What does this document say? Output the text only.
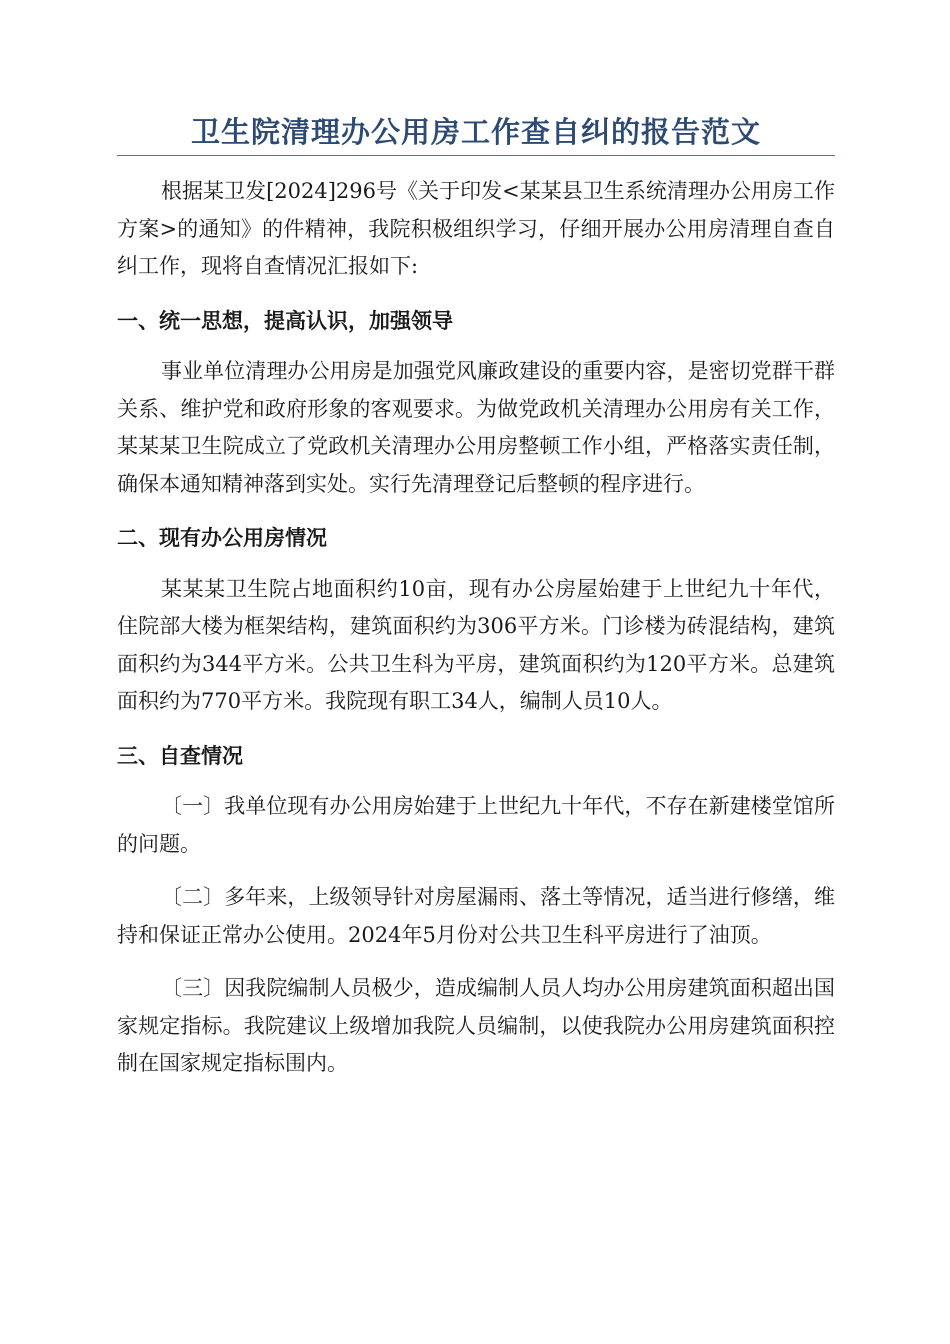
卫生院清理办公用房工作查自纠的报告范文

根据某卫发[2024]296号《关于印发<某某县卫生系统清理办公用房工作方案>的通知》的件精神，我院积极组织学习，仔细开展办公用房清理自查自纠工作，现将自查情况汇报如下:

一、统一思想，提高认识，加强领导

事业单位清理办公用房是加强党风廉政建设的重要内容，是密切党群干群关系、维护党和政府形象的客观要求。为做党政机关清理办公用房有关工作，某某某卫生院成立了党政机关清理办公用房整顿工作小组，严格落实责任制，确保本通知精神落到实处。实行先清理登记后整顿的程序进行。

二、现有办公用房情况

某某某卫生院占地面积约10亩，现有办公房屋始建于上世纪九十年代，住院部大楼为框架结构，建筑面积约为306平方米。门诊楼为砖混结构，建筑面积约为344平方米。公共卫生科为平房，建筑面积约为120平方米。总建筑面积约为770平方米。我院现有职工34人，编制人员10人。

三、自查情况

〔一〕我单位现有办公用房始建于上世纪九十年代，不存在新建楼堂馆所的问题。

〔二〕多年来，上级领导针对房屋漏雨、落土等情况，适当进行修缮，维持和保证正常办公使用。2024年5月份对公共卫生科平房进行了油顶。

〔三〕因我院编制人员极少，造成编制人员人均办公用房建筑面积超出国家规定指标。我院建议上级增加我院人员编制，以使我院办公用房建筑面积控制在国家规定指标围内。
